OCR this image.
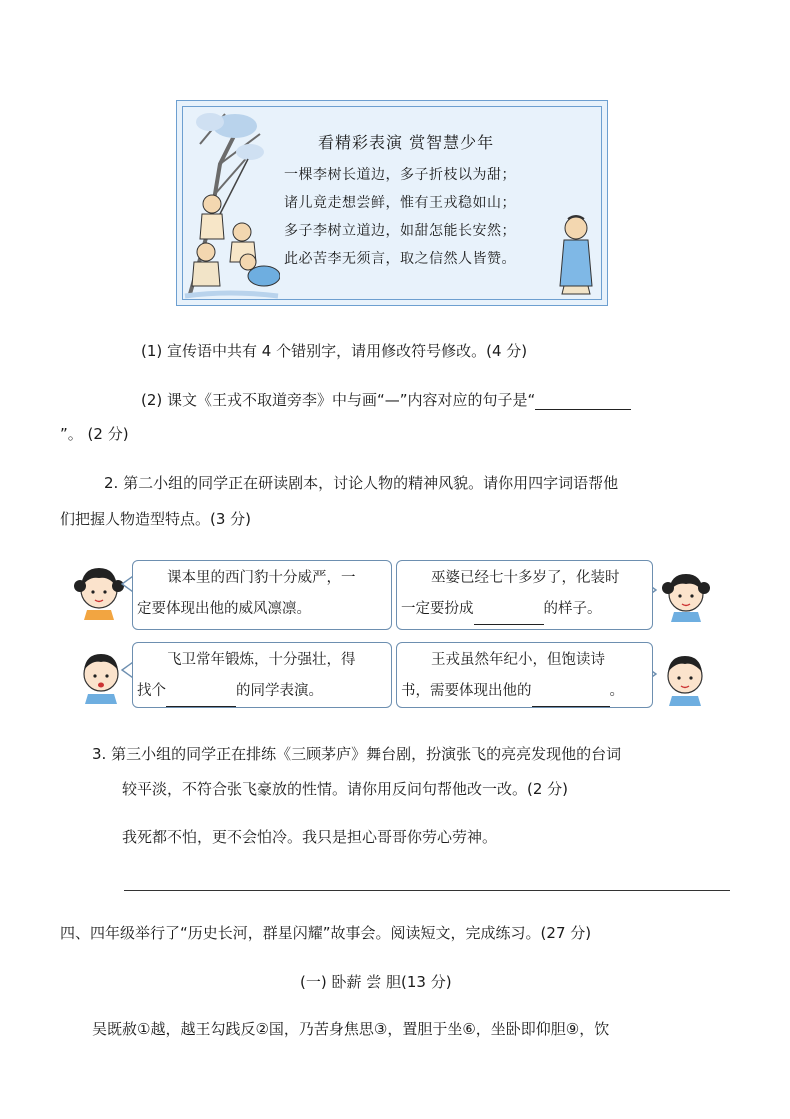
看精彩表演 赏智慧少年
一棵李树长道边，多子折枝以为甜；
诸儿竟走想尝鲜，惟有王戎稳如山；
多子李树立道边，如甜怎能长安然；
此必苦李无须言，取之信然人皆赞。
(1) 宣传语中共有 4 个错别字，请用修改符号修改。(4 分)
(2) 课文《王戎不取道旁李》中与画“—”内容对应的句子是“
”。 (2 分)
2. 第二小组的同学正在研读剧本，讨论人物的精神风貌。请你用四字词语帮他
们把握人物造型特点。(3 分)
课本里的西门豹十分威严，一
定要体现出他的威风凛凛。
巫婆已经七十多岁了，化装时
一定要扮成	的样子。
飞卫常年锻炼，十分强壮，得
找个	的同学表演。
王戎虽然年纪小，但饱读诗
书，需要体现出他的	。
3. 第三小组的同学正在排练《三顾茅庐》舞台剧，扮演张飞的亮亮发现他的台词
较平淡，不符合张飞豪放的性情。请你用反问句帮他改一改。(2 分)
我死都不怕，更不会怕冷。我只是担心哥哥你劳心劳神。
四、四年级举行了“历史长河，群星闪耀”故事会。阅读短文，完成练习。(27 分)
(一) 卧薪 尝 胆(13 分)
吴既赦①越，越王勾践反②国，乃苦身焦思③，置胆于坐⑥，坐卧即仰胆⑨，饮
